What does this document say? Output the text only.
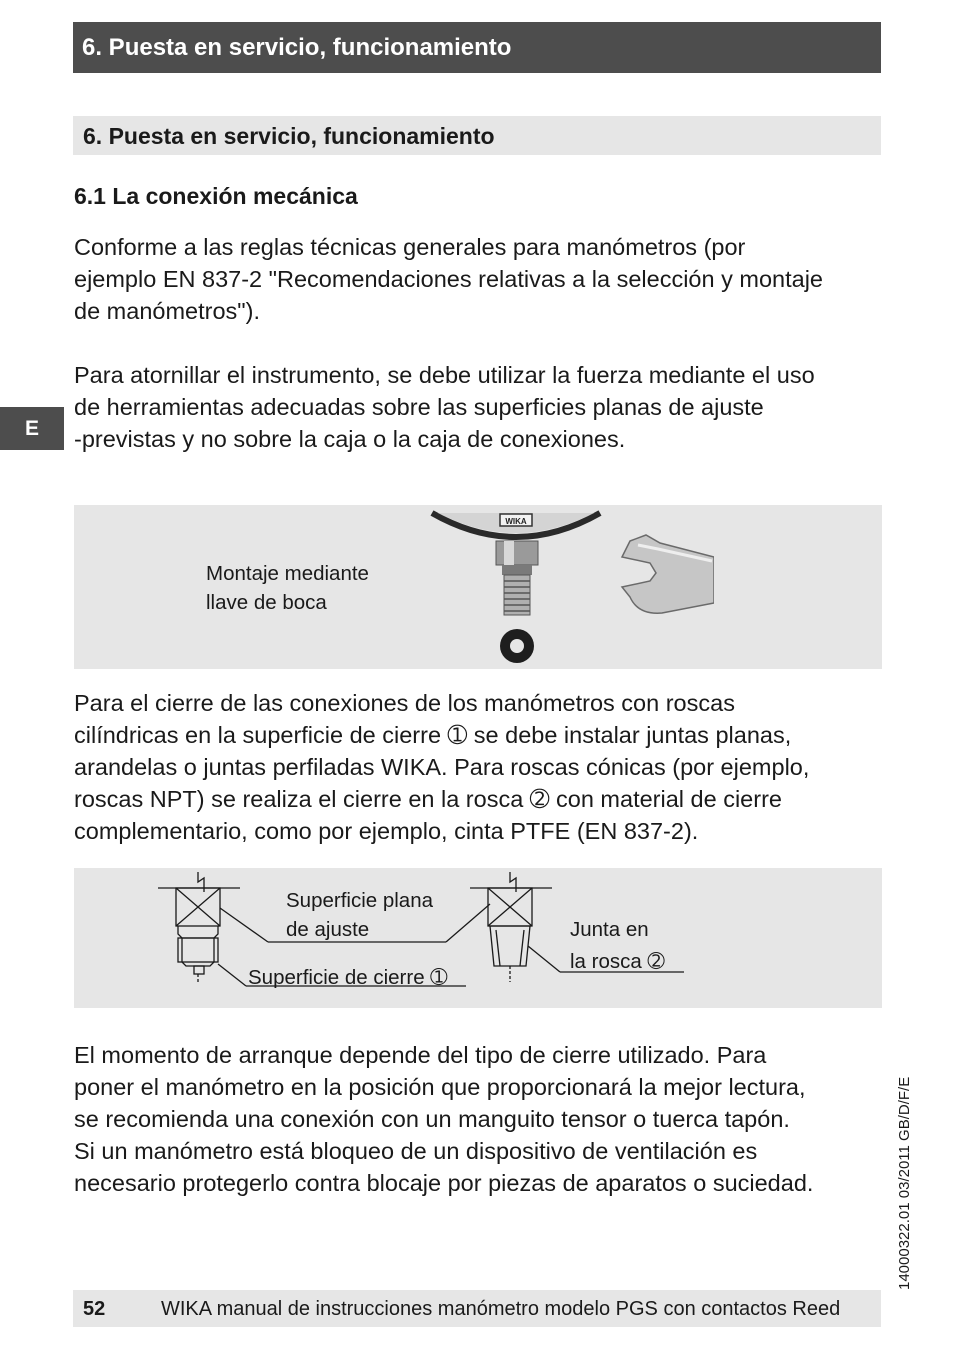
6. Puesta en servicio, funcionamiento
6. Puesta en servicio, funcionamiento
6.1 La conexión mecánica
Conforme a las reglas técnicas generales para manómetros (por
ejemplo EN 837-2 "Recomendaciones relativas a la selección y montaje
de manómetros").
Para atornillar el instrumento, se debe utilizar la fuerza mediante el uso
de herramientas adecuadas sobre las superficies planas de ajuste
-previstas y no sobre la caja o la caja de conexiones.
E
Montaje mediante
llave de boca
WIKA
Para el cierre de las conexiones de los manómetros con roscas
cilíndricas en la superficie de cierre ➀ se debe instalar juntas planas,
arandelas o juntas perfiladas WIKA. Para roscas cónicas (por ejemplo,
roscas NPT) se realiza el cierre en la rosca ➁ con material de cierre
complementario, como por ejemplo, cinta PTFE (EN 837-2).
Superficie plana
de ajuste
Superficie de cierre ➀
Junta en
la rosca ➁
El momento de arranque depende del tipo de cierre utilizado. Para
poner el manómetro en la posición que proporcionará la mejor lectura,
se recomienda una conexión con un manguito tensor o tuerca tapón.
Si un manómetro está bloqueo de un dispositivo de ventilación es
necesario protegerlo contra blocaje por piezas de aparatos o suciedad.	14000322.01 03/2011 GB/D/F/E
52	WIKA manual de instrucciones manómetro modelo PGS con contactos Reed
